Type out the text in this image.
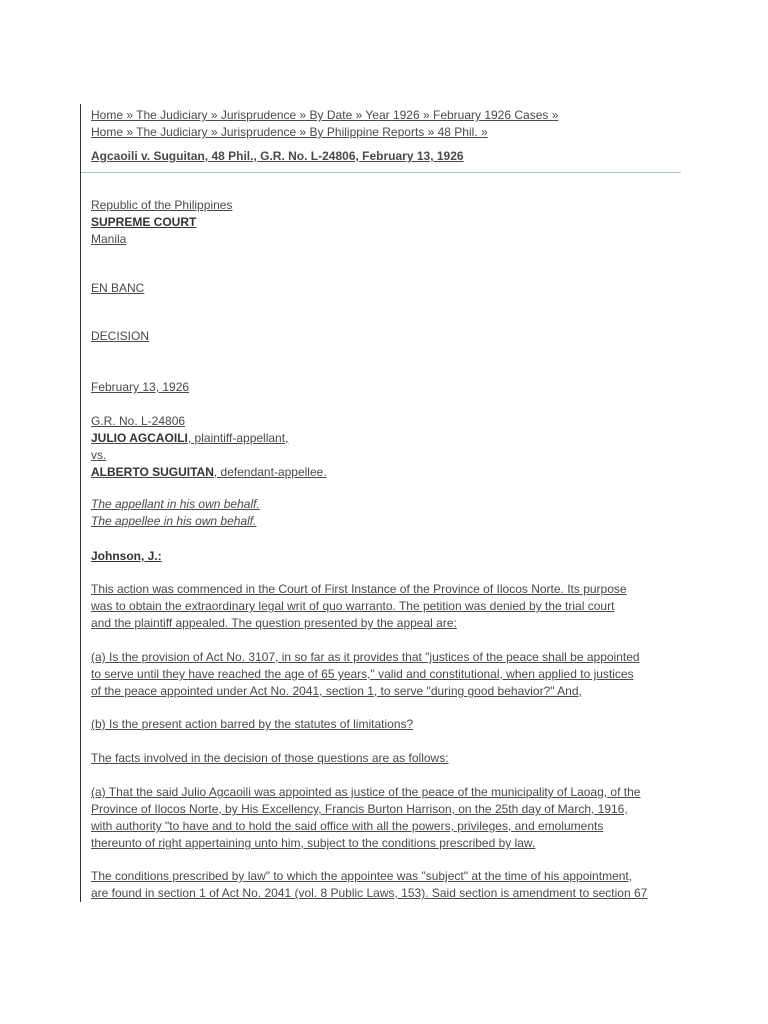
Home » The Judiciary » Jurisprudence » By Date » Year 1926 » February 1926 Cases »
Home » The Judiciary » Jurisprudence » By Philippine Reports » 48 Phil. »
Agcaoili v. Suguitan, 48 Phil., G.R. No. L-24806, February 13, 1926

Republic of the Philippines

SUPREME COURT

Manila

EN BANC
DECISION
February 13, 1926

G.R. No. L-24806

JULIO AGCAOILI, plaintiff-appellant,

vs.

ALBERTO SUGUITAN, defendant-appellee.

The appellant in his own behalf.

The appellee in his own behalf.

Johnson, J.:

This action was commenced in the Court of First Instance of the Province of Ilocos Norte. Its purpose

was to obtain the extraordinary legal writ of quo warranto. The petition was denied by the trial court

and the plaintiff appealed. The question presented by the appeal are:

(a) Is the provision of Act No. 3107, in so far as it provides that "justices of the peace shall be appointed

to serve until they have reached the age of 65 years," valid and constitutional, when applied to justices

of the peace appointed under Act No. 2041, section 1, to serve "during good behavior?" And,

(b) Is the present action barred by the statutes of limitations?

The facts involved in the decision of those questions are as follows:

(a) That the said Julio Agcaoili was appointed as justice of the peace of the municipality of Laoag, of the

Province of Ilocos Norte, by His Excellency, Francis Burton Harrison, on the 25th day of March, 1916,

with authority "to have and to hold the said office with all the powers, privileges, and emoluments

thereunto of right appertaining unto him, subject to the conditions prescribed by law.

The conditions prescribed by law" to which the appointee was "subject" at the time of his appointment,

are found in section 1 of Act No. 2041 (vol. 8 Public Laws, 153). Said section is amendment to section 67
